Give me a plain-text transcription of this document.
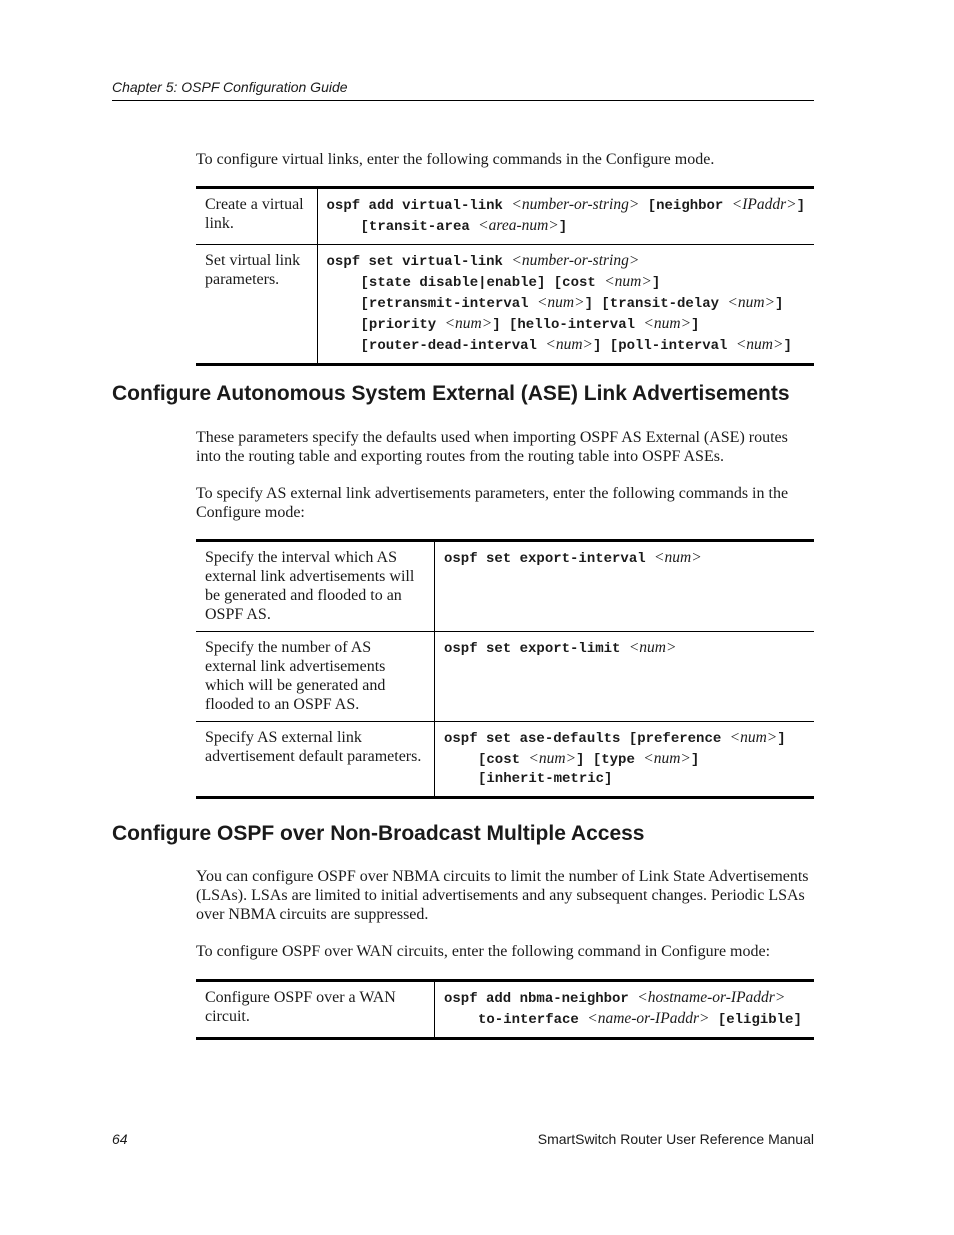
Chapter 5: OSPF Configuration Guide
To configure virtual links, enter the following commands in the Configure mode.
Create a virtual link.	ospf add virtual-link <number-or-string> [neighbor <IPaddr>]
[transit-area <area-num>]

Set virtual link parameters.	ospf set virtual-link <number-or-string>
[state disable|enable] [cost <num>]
[retransmit-interval <num>] [transit-delay <num>]
[priority <num>] [hello-interval <num>]
[router-dead-interval <num>] [poll-interval <num>]
Configure Autonomous System External (ASE) Link Advertisements
These parameters specify the defaults used when importing OSPF AS External (ASE) routes into the routing table and exporting routes from the routing table into OSPF ASEs.
To specify AS external link advertisements parameters, enter the following commands in the Configure mode:
Specify the interval which AS external link advertisements will be generated and flooded to an OSPF AS.	ospf set export-interval <num>

Specify the number of AS external link advertisements which will be generated and flooded to an OSPF AS.	ospf set export-limit <num>

Specify AS external link advertisement default parameters.	ospf set ase-defaults [preference <num>]
[cost <num>] [type <num>]
[inherit-metric]
Configure OSPF over Non-Broadcast Multiple Access
You can configure OSPF over NBMA circuits to limit the number of Link State Advertisements (LSAs). LSAs are limited to initial advertisements and any subsequent changes. Periodic LSAs over NBMA circuits are suppressed.
To configure OSPF over WAN circuits, enter the following command in Configure mode:
Configure OSPF over a WAN circuit.	
ospf add nbma-neighbor <hostname-or-IPaddr>
to-interface <name-or-IPaddr> [eligible]
64	SmartSwitch Router User Reference Manual
